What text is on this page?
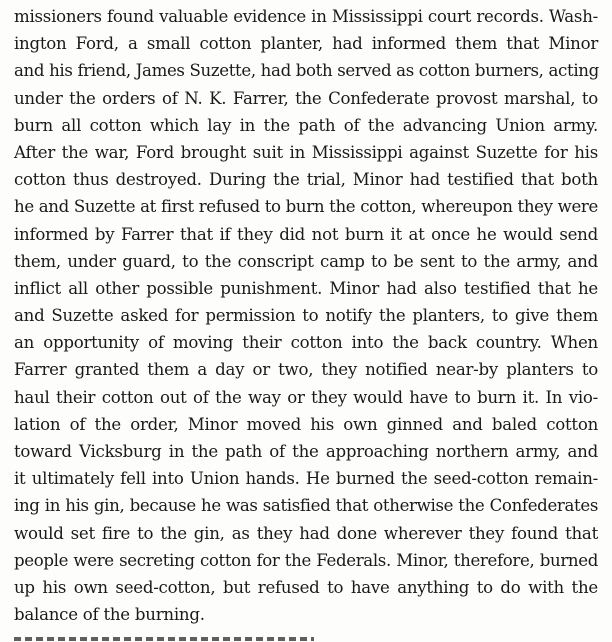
missioners found valuable evidence in Mississippi court records. Wash-
ington Ford, a small cotton planter, had informed them that Minor
and his friend, James Suzette, had both served as cotton burners, acting
under the orders of N. K. Farrer, the Confederate provost marshal, to
burn all cotton which lay in the path of the advancing Union army.
After the war, Ford brought suit in Mississippi against Suzette for his
cotton thus destroyed. During the trial, Minor had testified that both
he and Suzette at first refused to burn the cotton, whereupon they were
informed by Farrer that if they did not burn it at once he would send
them, under guard, to the conscript camp to be sent to the army, and
inflict all other possible punishment. Minor had also testified that he
and Suzette asked for permission to notify the planters, to give them
an opportunity of moving their cotton into the back country. When
Farrer granted them a day or two, they notified near-by planters to
haul their cotton out of the way or they would have to burn it. In vio-
lation of the order, Minor moved his own ginned and baled cotton
toward Vicksburg in the path of the approaching northern army, and
it ultimately fell into Union hands. He burned the seed-cotton remain-
ing in his gin, because he was satisfied that otherwise the Confederates
would set fire to the gin, as they had done wherever they found that
people were secreting cotton for the Federals. Minor, therefore, burned
up his own seed-cotton, but refused to have anything to do with the
balance of the burning.
